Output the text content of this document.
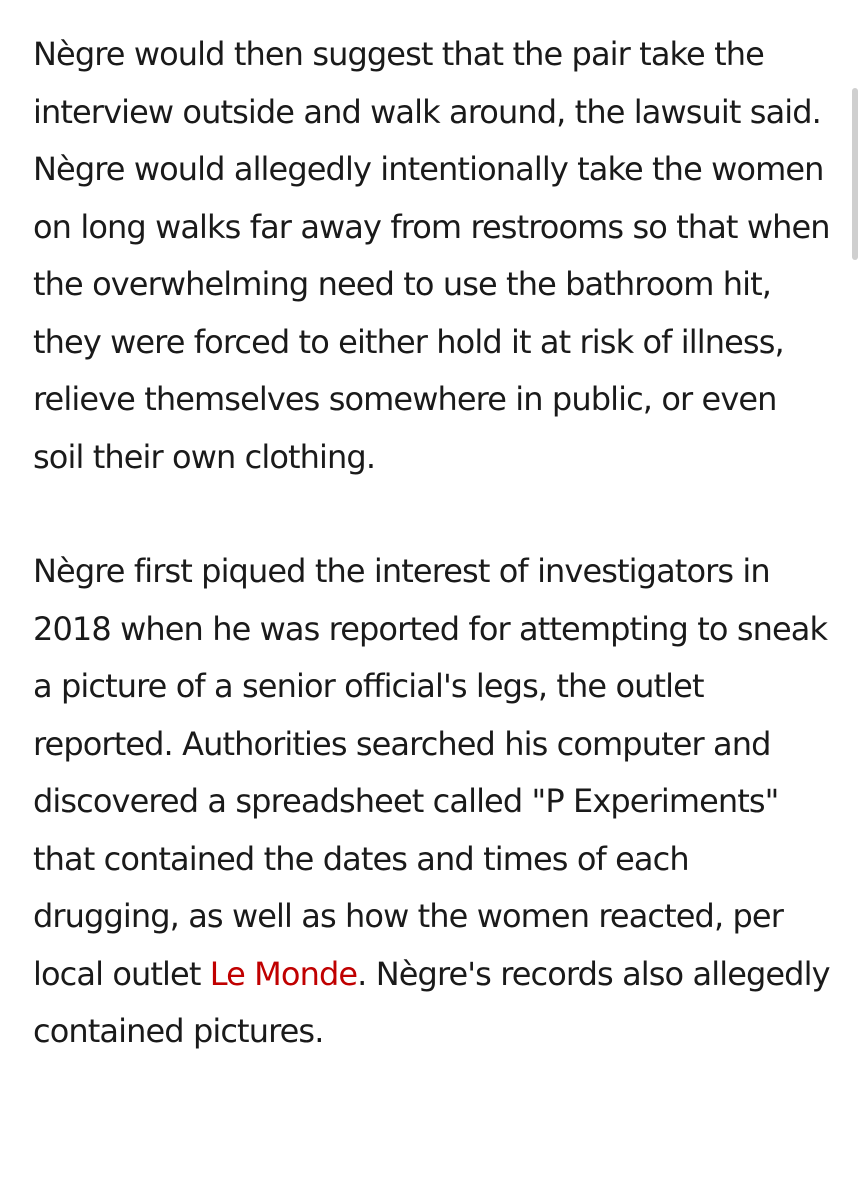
Nègre would then suggest that the pair take the interview outside and walk around, the lawsuit said. Nègre would allegedly intentionally take the women on long walks far away from restrooms so that when the overwhelming need to use the bathroom hit, they were forced to either hold it at risk of illness, relieve themselves somewhere in public, or even soil their own clothing.

Nègre first piqued the interest of investigators in 2018 when he was reported for attempting to sneak a picture of a senior official's legs, the outlet reported. Authorities searched his computer and discovered a spreadsheet called "P Experiments" that contained the dates and times of each drugging, as well as how the women reacted, per local outlet Le Monde. Nègre's records also allegedly contained pictures.
